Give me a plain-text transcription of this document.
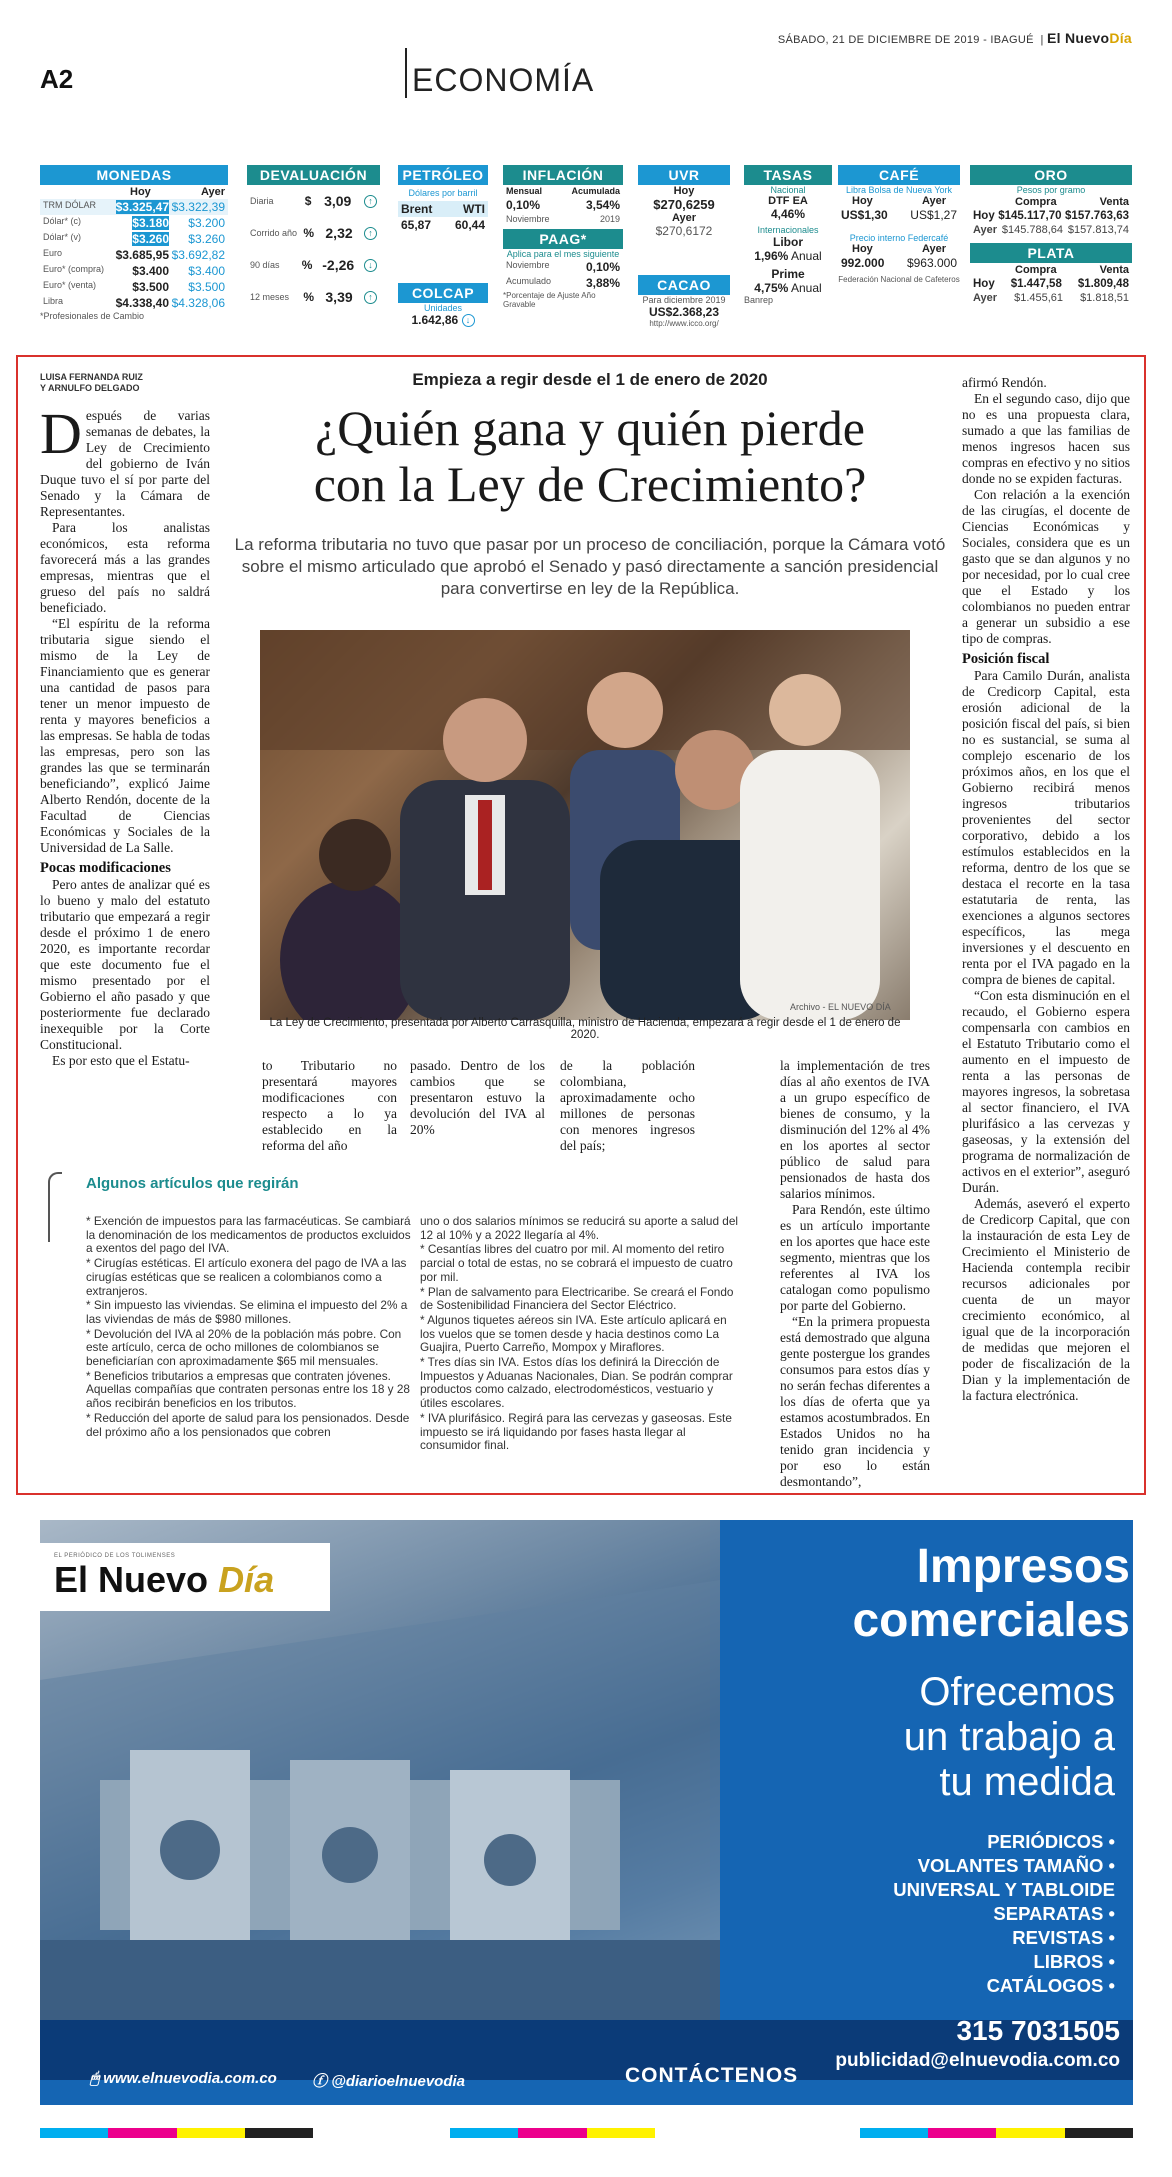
SÁBADO, 21 DE DICIEMBRE DE 2019 - IBAGUÉ  | El NuevoDía
A2	ECONOMÍA
MONEDAS
Hoy	Ayer
TRM DÓLAR	$3.325,47 $3.322,39
Dólar* (c)	$3.180 $3.200
Dólar* (v)	$3.260 $3.260
Euro	$3.685,95 $3.692,82
Euro* (compra)	$3.400 $3.400
Euro* (venta)	$3.500 $3.500
Libra	$4.338,40 $4.328,06
*Profesionales de Cambio
DEVALUACIÓN
Diaria	$ 3,09	↑
Corrido año % 2,32	↑
90 días	% -2,26	↓
12 meses % 3,39	↑
PETRÓLEO
Dólares por barril
Brent	WTI
65,87 60,44
COLCAP
Unidades
1.642,86 ↓
INFLACIÓN
Mensual	Acumulada
0,10%	3,54%
Noviembre	2019
PAAG*
Aplica para el mes siguiente
Noviembre	0,10%
Acumulado	3,88%
*Porcentaje de Ajuste Año Gravable
UVR
Hoy
$270,6259
Ayer
$270,6172
CACAO
Para diciembre 2019
US$2.368,23
http://www.icco.org/
TASAS
Nacional
DTF EA
4,46%
Internacionales
Libor
1,96% Anual
Prime
4,75% Anual
Banrep
CAFÉ
Libra Bolsa de Nueva York
Hoy	Ayer
US$1,30 US$1,27
Precio interno Federcafé
Hoy	Ayer
992.000 $963.000
Federación Nacional de Cafeteros
ORO
Pesos por gramo
Compra	Venta
Hoy $145.117,70 $157.763,63
Ayer $145.788,64 $157.813,74
PLATA
Compra	Venta
Hoy $1.447,58 $1.809,48
Ayer $1.455,61 $1.818,51
LUISA FERNANDA RUIZ
Y ARNULFO DELGADO	Empieza a regir desde el 1 de enero de 2020
¿Quién gana y quién pierde
con la Ley de Crecimiento?
La reforma tributaria no tuvo que pasar por un proceso de conciliación, porque la Cámara votó sobre el mismo articulado que aprobó el Senado y pasó directamente a sanción presidencial para convertirse en ley de la República.
Archivo - EL NUEVO DÍA
La Ley de Crecimiento, presentada por Alberto Carrasquilla, ministro de Hacienda, empezará a regir desde el 1 de enero de 2020.

Después de varias semanas de debates, la Ley de Crecimiento del gobierno de Iván Duque tuvo el sí por parte del Senado y la Cámara de Representantes.

Para los analistas económicos, esta reforma favorecerá más a las grandes empresas, mientras que el grueso del país no saldrá beneficiado.

“El espíritu de la reforma tributaria sigue siendo el mismo de la Ley de Financiamiento que es generar una cantidad de pasos para tener un menor impuesto de renta y mayores beneficios a las empresas. Se habla de todas las empresas, pero son las grandes las que se terminarán beneficiando”, explicó Jaime Alberto Rendón, docente de la Facultad de Ciencias Económicas y Sociales de la Universidad de La Salle.

Pocas modificaciones

Pero antes de analizar qué es lo bueno y malo del estatuto tributario que empezará a regir desde el próximo 1 de enero 2020, es importante recordar que este documento fue el mismo presentado por el Gobierno el año pasado y que posteriormente fue declarado inexequible por la Corte Constitucional.

Es por esto que el Estatu-	to Tributario no presentará mayores modificaciones con respecto a lo ya establecido en la reforma del año

pasado. Dentro de los cambios que se presentaron estuvo la devolución del IVA al 20%

de la población colombiana, aproximadamente ocho millones de personas con menores ingresos del país;

la implementación de tres días al año exentos de IVA a un grupo específico de bienes de consumo, y la disminución del 12% al 4% en los aportes al sector público de salud para pensionados de hasta dos salarios mínimos.

Para Rendón, este último es un artículo importante en los aportes que hace este segmento, mientras que los referentes al IVA los catalogan como populismo por parte del Gobierno.

“En la primera propuesta está demostrado que alguna gente postergue los grandes consumos para estos días y no serán fechas diferentes a los días de oferta que ya estamos acostumbrados. En Estados Unidos no ha tenido gran incidencia y por eso lo están desmontando”,

afirmó Rendón.

En el segundo caso, dijo que no es una propuesta clara, sumado a que las familias de menos ingresos hacen sus compras en efectivo y no sitios donde no se expiden facturas.

Con relación a la exención de las cirugías, el docente de Ciencias Económicas y Sociales, considera que es un gasto que se dan algunos y no por necesidad, por lo cual cree que el Estado y los colombianos no pueden entrar a generar un subsidio a ese tipo de compras.

Posición fiscal

Para Camilo Durán, analista de Credicorp Capital, esta erosión adicional de la posición fiscal del país, si bien no es sustancial, se suma al complejo escenario de los próximos años, en los que el Gobierno recibirá menos ingresos tributarios provenientes del sector corporativo, debido a los estímulos establecidos en la reforma, dentro de los que se destaca el recorte en la tasa estatutaria de renta, las exenciones a algunos sectores específicos, las mega inversiones y el descuento en renta por el IVA pagado en la compra de bienes de capital.

“Con esta disminución en el recaudo, el Gobierno espera compensarla con cambios en el Estatuto Tributario como el aumento en el impuesto de renta a las personas de mayores ingresos, la sobretasa al sector financiero, el IVA plurifásico a las cervezas y gaseosas, y la extensión del programa de normalización de activos en el exterior”, aseguró Durán.

Además, aseveró el experto de Credicorp Capital, que con la instauración de esta Ley de Crecimiento el Ministerio de Hacienda contempla recibir recursos adicionales por cuenta de un mayor crecimiento económico, al igual que de la incorporación de medidas que mejoren el poder de fiscalización de la Dian y la implementación de la factura electrónica.

Algunos artículos que regirán
* Exención de impuestos para las farmacéuticas. Se cambiará la denominación de los medicamentos de productos excluidos a exentos del pago del IVA.
* Cirugías estéticas. El artículo exonera del pago de IVA a las cirugías estéticas que se realicen a colombianos como a extranjeros.
* Sin impuesto las viviendas. Se elimina el impuesto del 2% a las viviendas de más de $980 millones.
* Devolución del IVA al 20% de la población más pobre. Con este artículo, cerca de ocho millones de colombianos se beneficiarían con aproximadamente $65 mil mensuales.
* Beneficios tributarios a empresas que contraten jóvenes. Aquellas compañías que contraten personas entre los 18 y 28 años recibirán beneficios en los tributos.
* Reducción del aporte de salud para los pensionados. Desde del próximo año a los pensionados que cobren
uno o dos salarios mínimos se reducirá su aporte a salud del 12 al 10% y a 2022 llegaría al 4%.
* Cesantías libres del cuatro por mil. Al momento del retiro parcial o total de estas, no se cobrará el impuesto de cuatro por mil.
* Plan de salvamento para Electricaribe. Se creará el Fondo de Sostenibilidad Financiera del Sector Eléctrico.
* Algunos tiquetes aéreos sin IVA. Este artículo aplicará en los vuelos que se tomen desde y hacia destinos como La Guajira, Puerto Carreño, Mompox y Miraflores.
* Tres días sin IVA. Estos días los definirá la Dirección de Impuestos y Aduanas Nacionales, Dian. Se podrán comprar productos como calzado, electrodomésticos, vestuario y útiles escolares.
* IVA plurifásico. Regirá para las cervezas y gaseosas. Este impuesto se irá liquidando por fases hasta llegar al consumidor final.
EL PERIÓDICO DE LOS TOLIMENSES
El Nuevo Día	Impresos
comerciales
Ofrecemos
un trabajo a
tu medida
PERIÓDICOS •
VOLANTES TAMAÑO •
UNIVERSAL Y TABLOIDE
SEPARATAS •
REVISTAS •
LIBROS •
CATÁLOGOS •
🖱 www.elnuevodia.com.co ⓕ @diarioelnuevodia	CONTÁCTENOS
315 7031505
publicidad@elnuevodia.com.co
